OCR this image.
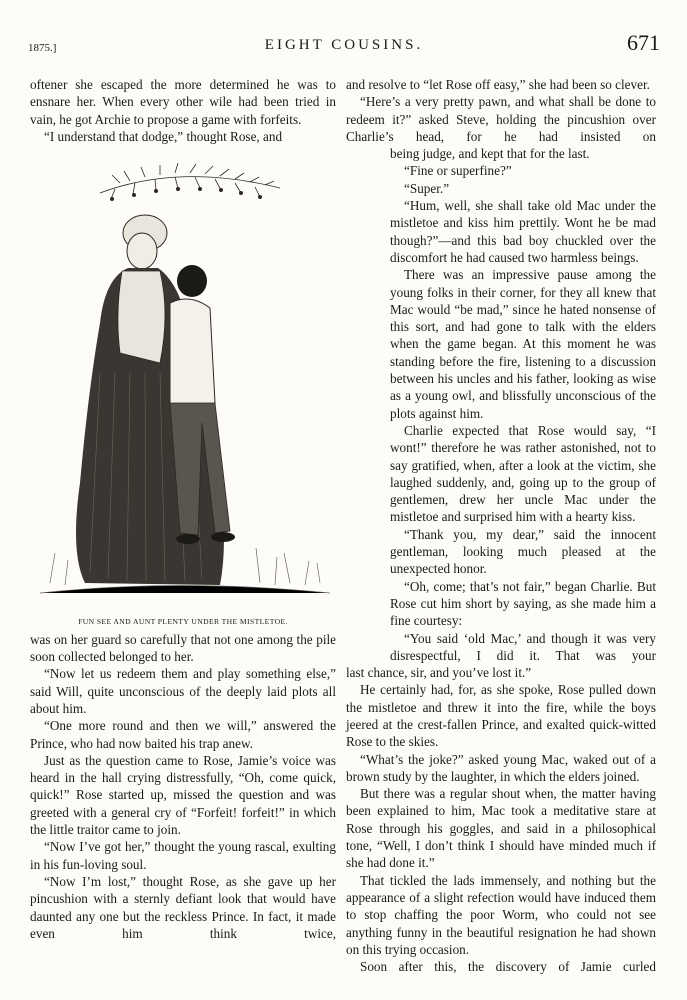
1875.]	EIGHT COUSINS.	671

oftener she escaped the more determined he was to ensnare her. When every other wile had been tried in vain, he got Archie to propose a game with forfeits.

“I understand that dodge,” thought Rose, and

FUN SEE AND AUNT PLENTY UNDER THE MISTLETOE.

was on her guard so carefully that not one among the pile soon collected belonged to her.

“Now let us redeem them and play something else,” said Will, quite unconscious of the deeply laid plots all about him.

“One more round and then we will,” answered the Prince, who had now baited his trap anew.

Just as the question came to Rose, Jamie’s voice was heard in the hall crying distressfully, “Oh, come quick, quick!” Rose started up, missed the question and was greeted with a general cry of “Forfeit! forfeit!” in which the little traitor came to join.

“Now I’ve got her,” thought the young rascal, exulting in his fun-loving soul.

“Now I’m lost,” thought Rose, as she gave up her pincushion with a sternly defiant look that would have daunted any one but the reckless Prince. In fact, it made even him think twice,

and resolve to “let Rose off easy,” she had been so clever.

“Here’s a very pretty pawn, and what shall be done to redeem it?” asked Steve, holding the pincushion over Charlie’s head, for he had insisted on

being judge, and kept that for the last.

“Fine or superfine?”

“Super.”

“Hum, well, she shall take old Mac under the mistletoe and kiss him prettily. Wont he be mad though?”—and this bad boy chuckled over the discomfort he had caused two harmless beings.

There was an impressive pause among the young folks in their corner, for they all knew that Mac would “be mad,” since he hated nonsense of this sort, and had gone to talk with the elders when the game began. At this moment he was standing before the fire, listening to a discussion between his uncles and his father, looking as wise as a young owl, and blissfully unconscious of the plots against him.

Charlie expected that Rose would say, “I wont!” therefore he was rather astonished, not to say gratified, when, after a look at the victim, she laughed suddenly, and, going up to the group of gentlemen, drew her uncle Mac under the mistletoe and surprised him with a hearty kiss.

“Thank you, my dear,” said the innocent gentleman, looking much pleased at the unexpected honor.

“Oh, come; that’s not fair,” began Charlie. But Rose cut him short by saying, as she made him a fine courtesy:

“You said ‘old Mac,’ and though it was very disrespectful, I did it. That was your

last chance, sir, and you’ve lost it.”

He certainly had, for, as she spoke, Rose pulled down the mistletoe and threw it into the fire, while the boys jeered at the crest-fallen Prince, and exalted quick-witted Rose to the skies.

“What’s the joke?” asked young Mac, waked out of a brown study by the laughter, in which the elders joined.

But there was a regular shout when, the matter having been explained to him, Mac took a meditative stare at Rose through his goggles, and said in a philosophical tone, “Well, I don’t think I should have minded much if she had done it.”

That tickled the lads immensely, and nothing but the appearance of a slight refection would have induced them to stop chaffing the poor Worm, who could not see anything funny in the beautiful resignation he had shown on this trying occasion.

Soon after this, the discovery of Jamie curled
